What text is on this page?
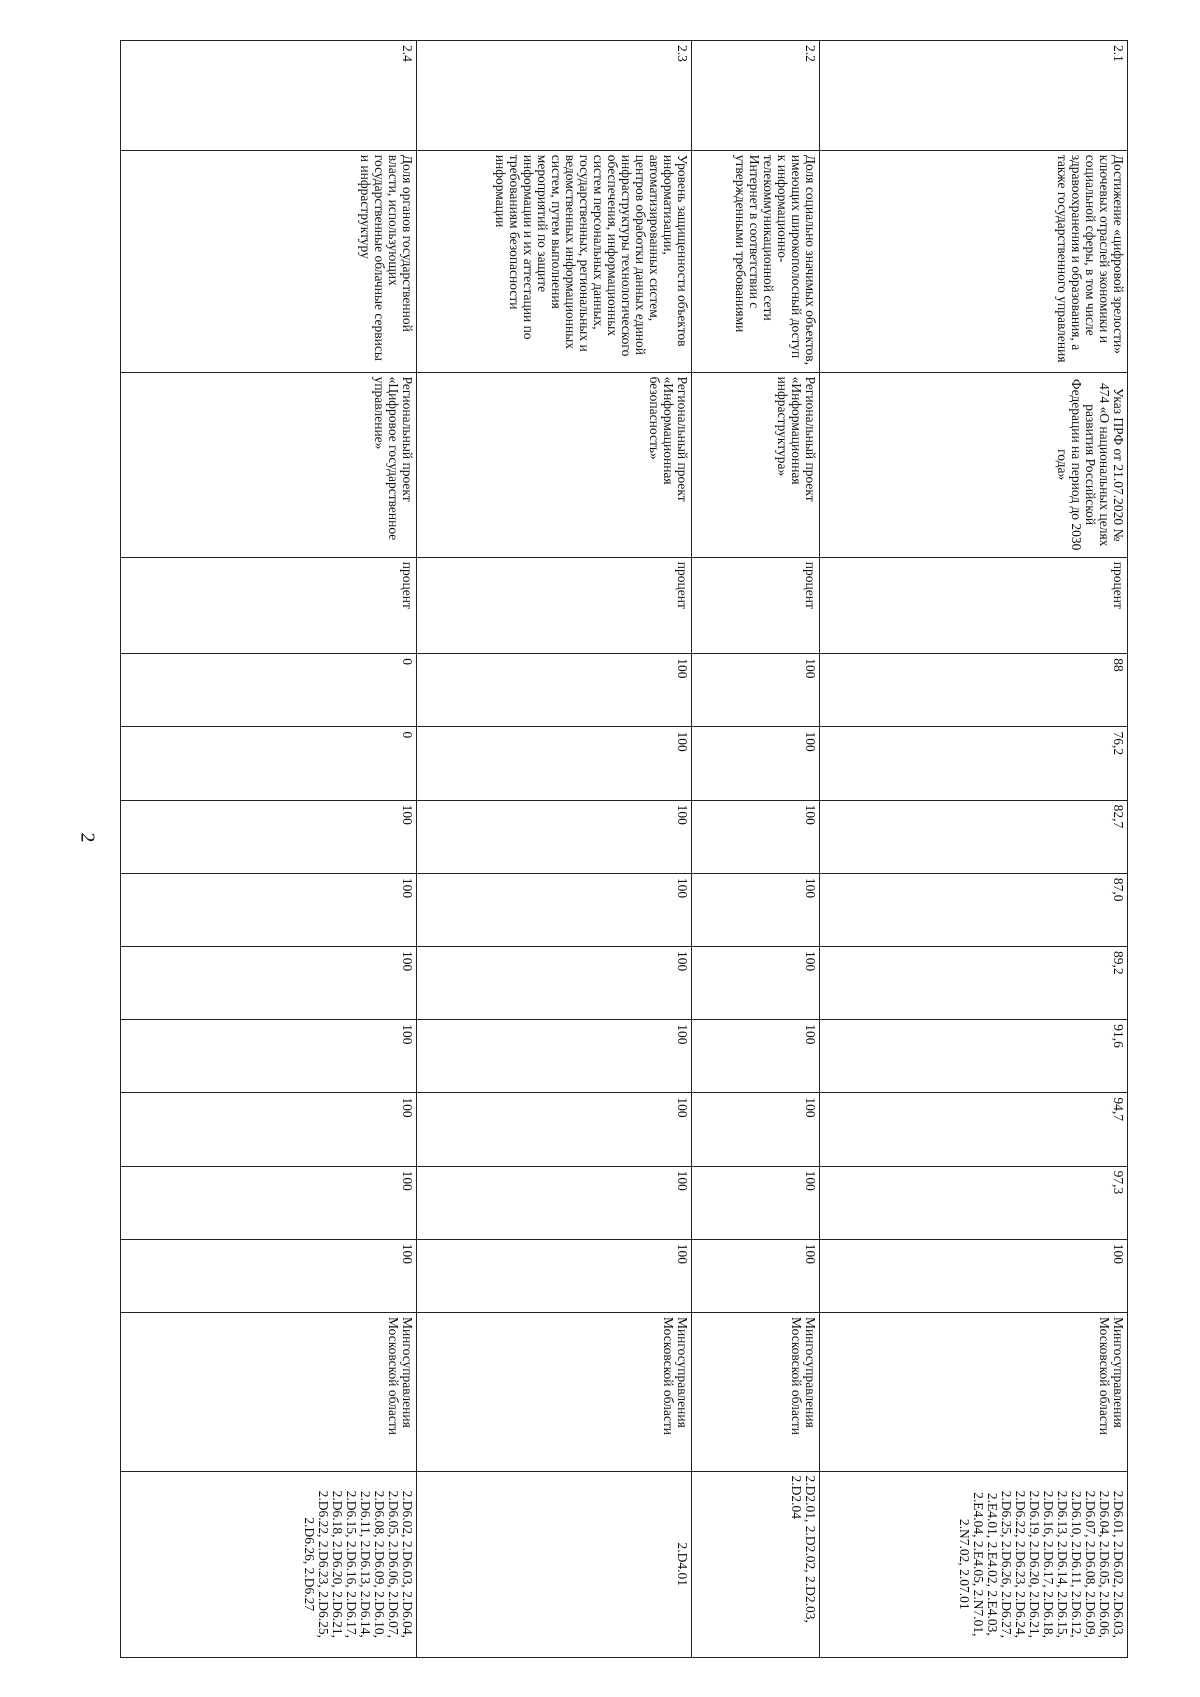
2
2.1	Достижение «цифровой зрелости» ключевых отраслей экономики и социальной сферы, в том числе здравоохранения и образования, а также государственного управления	Указ ПРФ от 21.07.2020 № 474 «О национальных целях развития Российской Федерации на период до 2030 года»	процент	88	76,2	82,7	87,0	89,2	91,6	94,7	97,3	100	Мингосуправления Московской области	2.D6.01, 2.D6.02, 2.D6.03, 2.D6.04, 2.D6.05, 2.D6.06, 2.D6.07, 2.D6.08, 2.D6.09, 2.D6.10, 2.D6.11, 2.D6.12, 2.D6.13, 2.D6.14, 2.D6.15, 2.D6.16, 2.D6.17, 2.D6.18, 2.D6.19, 2.D6.20, 2.D6.21, 2.D6.22, 2.D6.23, 2.D6.24, 2.D6.25, 2.D6.26, 2.D6.27, 2.E4.01, 2.E4.02, 2.E4.03, 2.E4.04, 2.E4.05, 2.N7.01, 2.N7.02, 2.07.01
2.2	Доля социально значимых объектов, имеющих широкополосный доступ к информационно-телекоммуникационной сети Интернет в соответствии с утвержденными требованиями	Региональный проект «Информационная инфраструктура»	процент	100	100	100	100	100	100	100	100	100	Мингосуправления Московской области	2.D2.01, 2.D2.02, 2.D2.03, 2.D2.04
2.3	Уровень защищенности объектов информатизации, автоматизированных систем, центров обработки данных единой инфраструктуры технологического обеспечения, информационных систем персональных данных, государственных, региональных и ведомственных информационных систем, путем выполнения мероприятий по защите информации и их аттестации по требованиям безопасности информации	Региональный проект «Информационная безопасность»	процент	100	100	100	100	100	100	100	100	100	Мингосуправления Московской области	2.D4.01
2.4	Доля органов государственной власти, использующих государственные облачные сервисы и инфраструктуру	Региональный проект «Цифровое государственное управление»	процент	0	0	100	100	100	100	100	100	100	Мингосуправления Московской области	2.D6.02, 2.D6.03, 2.D6.04, 2.D6.05, 2.D6.06, 2.D6.07, 2.D6.08, 2.D6.09, 2.D6.10, 2.D6.11, 2.D6.13, 2.D6.14, 2.D6.15, 2.D6.16, 2.D6.17, 2.D6.18, 2.D6.20, 2.D6.21, 2.D6.22, 2.D6.23, 2.D6.25, 2.D6.26, 2.D6.27
